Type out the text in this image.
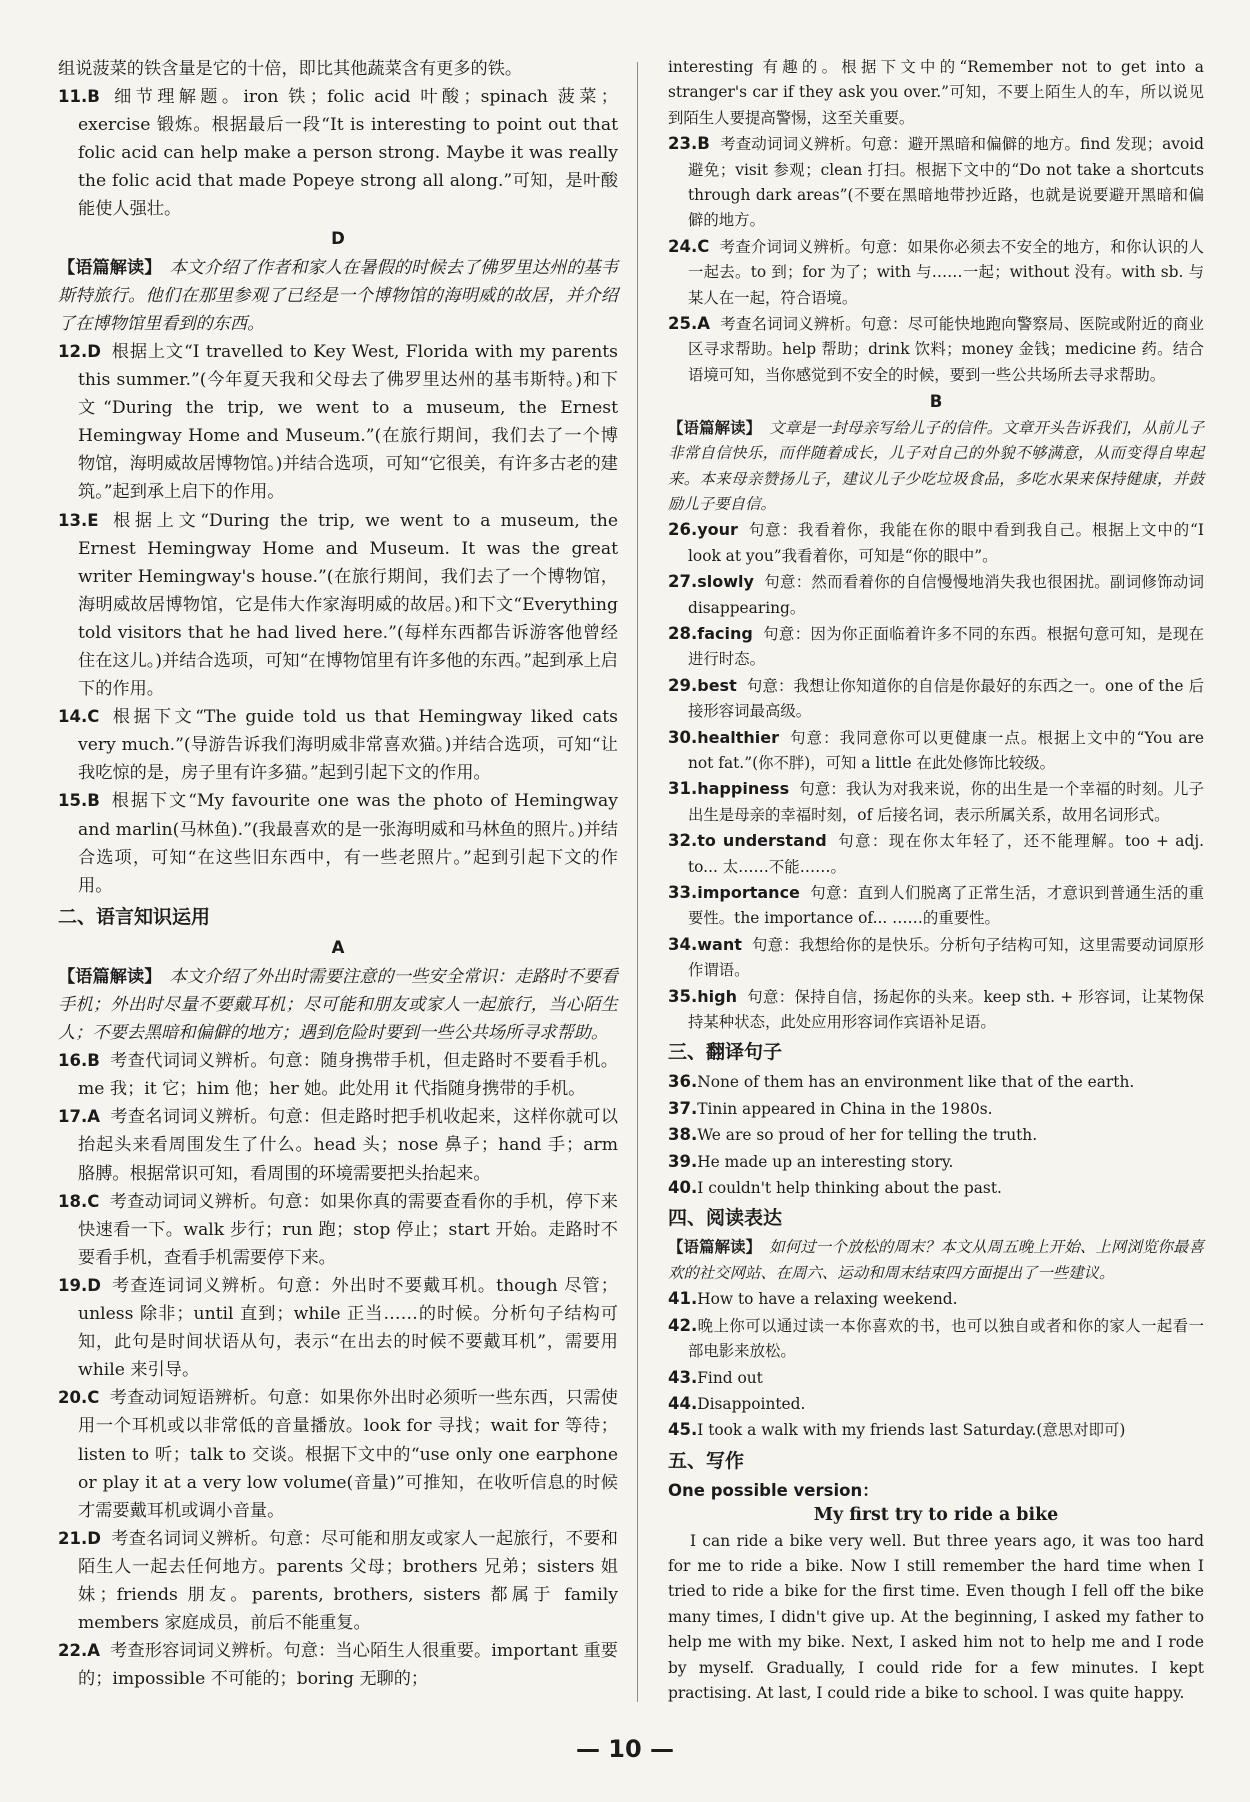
组说菠菜的铁含量是它的十倍，即比其他蔬菜含有更多的铁。

11.B 细节理解题。iron 铁；folic acid 叶酸；spinach 菠菜；exercise 锻炼。根据最后一段“It is interesting to point out that folic acid can help make a person strong. Maybe it was really the folic acid that made Popeye strong all along.”可知，是叶酸能使人强壮。

D

【语篇解读】 本文介绍了作者和家人在暑假的时候去了佛罗里达州的基韦斯特旅行。他们在那里参观了已经是一个博物馆的海明威的故居，并介绍了在博物馆里看到的东西。

12.D 根据上文“I travelled to Key West, Florida with my parents this summer.”(今年夏天我和父母去了佛罗里达州的基韦斯特。)和下文“During the trip, we went to a museum, the Ernest Hemingway Home and Museum.”(在旅行期间，我们去了一个博物馆，海明威故居博物馆。)并结合选项，可知“它很美，有许多古老的建筑。”起到承上启下的作用。

13.E 根据上文“During the trip, we went to a museum, the Ernest Hemingway Home and Museum. It was the great writer Hemingway's house.”(在旅行期间，我们去了一个博物馆，海明威故居博物馆，它是伟大作家海明威的故居。)和下文“Everything told visitors that he had lived here.”(每样东西都告诉游客他曾经住在这儿。)并结合选项，可知“在博物馆里有许多他的东西。”起到承上启下的作用。

14.C 根据下文“The guide told us that Hemingway liked cats very much.”(导游告诉我们海明威非常喜欢猫。)并结合选项，可知“让我吃惊的是，房子里有许多猫。”起到引起下文的作用。

15.B 根据下文“My favourite one was the photo of Hemingway and marlin(马林鱼).”(我最喜欢的是一张海明威和马林鱼的照片。)并结合选项，可知“在这些旧东西中，有一些老照片。”起到引起下文的作用。

二、语言知识运用

A

【语篇解读】 本文介绍了外出时需要注意的一些安全常识：走路时不要看手机；外出时尽量不要戴耳机；尽可能和朋友或家人一起旅行，当心陌生人；不要去黑暗和偏僻的地方；遇到危险时要到一些公共场所寻求帮助。

16.B 考查代词词义辨析。句意：随身携带手机，但走路时不要看手机。me 我；it 它；him 他；her 她。此处用 it 代指随身携带的手机。

17.A 考查名词词义辨析。句意：但走路时把手机收起来，这样你就可以抬起头来看周围发生了什么。head 头；nose 鼻子；hand 手；arm 胳膊。根据常识可知，看周围的环境需要把头抬起来。

18.C 考查动词词义辨析。句意：如果你真的需要查看你的手机，停下来快速看一下。walk 步行；run 跑；stop 停止；start 开始。走路时不要看手机，查看手机需要停下来。

19.D 考查连词词义辨析。句意：外出时不要戴耳机。though 尽管；unless 除非；until 直到；while 正当……的时候。分析句子结构可知，此句是时间状语从句，表示“在出去的时候不要戴耳机”，需要用 while 来引导。

20.C 考查动词短语辨析。句意：如果你外出时必须听一些东西，只需使用一个耳机或以非常低的音量播放。look for 寻找；wait for 等待；listen to 听；talk to 交谈。根据下文中的“use only one earphone or play it at a very low volume(音量)”可推知，在收听信息的时候才需要戴耳机或调小音量。

21.D 考查名词词义辨析。句意：尽可能和朋友或家人一起旅行，不要和陌生人一起去任何地方。parents 父母；brothers 兄弟；sisters 姐妹；friends 朋友。parents, brothers, sisters 都属于 family members 家庭成员，前后不能重复。

22.A 考查形容词词义辨析。句意：当心陌生人很重要。important 重要的；impossible 不可能的；boring 无聊的；

interesting 有趣的。根据下文中的“Remember not to get into a stranger's car if they ask you over.”可知，不要上陌生人的车，所以说见到陌生人要提高警惕，这至关重要。

23.B 考查动词词义辨析。句意：避开黑暗和偏僻的地方。find 发现；avoid 避免；visit 参观；clean 打扫。根据下文中的“Do not take a shortcuts through dark areas”(不要在黑暗地带抄近路，也就是说要避开黑暗和偏僻的地方。

24.C 考查介词词义辨析。句意：如果你必须去不安全的地方，和你认识的人一起去。to 到；for 为了；with 与……一起；without 没有。with sb. 与某人在一起，符合语境。

25.A 考查名词词义辨析。句意：尽可能快地跑向警察局、医院或附近的商业区寻求帮助。help 帮助；drink 饮料；money 金钱；medicine 药。结合语境可知，当你感觉到不安全的时候，要到一些公共场所去寻求帮助。

B

【语篇解读】 文章是一封母亲写给儿子的信件。文章开头告诉我们，从前儿子非常自信快乐，而伴随着成长，儿子对自己的外貌不够满意，从而变得自卑起来。本来母亲赞扬儿子，建议儿子少吃垃圾食品，多吃水果来保持健康，并鼓励儿子要自信。

26.your 句意：我看着你，我能在你的眼中看到我自己。根据上文中的“I look at you”我看着你，可知是“你的眼中”。

27.slowly 句意：然而看着你的自信慢慢地消失我也很困扰。副词修饰动词 disappearing。

28.facing 句意：因为你正面临着许多不同的东西。根据句意可知，是现在进行时态。

29.best 句意：我想让你知道你的自信是你最好的东西之一。one of the 后接形容词最高级。

30.healthier 句意：我同意你可以更健康一点。根据上文中的“You are not fat.”(你不胖)，可知 a little 在此处修饰比较级。

31.happiness 句意：我认为对我来说，你的出生是一个幸福的时刻。儿子出生是母亲的幸福时刻，of 后接名词，表示所属关系，故用名词形式。

32.to understand 句意：现在你太年轻了，还不能理解。too + adj. to... 太……不能……。

33.importance 句意：直到人们脱离了正常生活，才意识到普通生活的重要性。the importance of... ……的重要性。

34.want 句意：我想给你的是快乐。分析句子结构可知，这里需要动词原形作谓语。

35.high 句意：保持自信，扬起你的头来。keep sth. + 形容词，让某物保持某种状态，此处应用形容词作宾语补足语。

三、翻译句子

36.None of them has an environment like that of the earth.

37.Tinin appeared in China in the 1980s.

38.We are so proud of her for telling the truth.

39.He made up an interesting story.

40.I couldn't help thinking about the past.

四、阅读表达

【语篇解读】 如何过一个放松的周末？本文从周五晚上开始、上网浏览你最喜欢的社交网站、在周六、运动和周末结束四方面提出了一些建议。

41.How to have a relaxing weekend.

42.晚上你可以通过读一本你喜欢的书，也可以独自或者和你的家人一起看一部电影来放松。

43.Find out

44.Disappointed.

45.I took a walk with my friends last Saturday.(意思对即可)

五、写作

One possible version：

My first try to ride a bike

I can ride a bike very well. But three years ago, it was too hard for me to ride a bike. Now I still remember the hard time when I tried to ride a bike for the first time. Even though I fell off the bike many times, I didn't give up. At the beginning, I asked my father to help me with my bike. Next, I asked him not to help me and I rode by myself. Gradually, I could ride for a few minutes. I kept practising. At last, I could ride a bike to school. I was quite happy.

— 10 —
